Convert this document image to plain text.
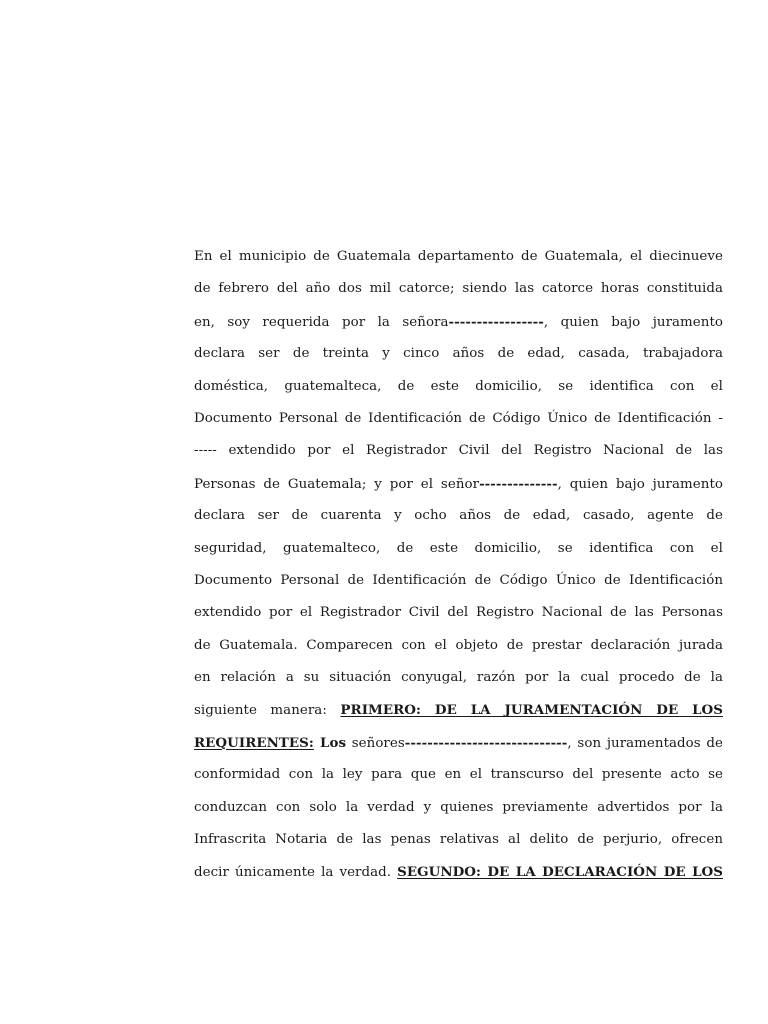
En el municipio de Guatemala departamento de Guatemala, el diecinueve
de febrero del año dos mil catorce; siendo las catorce horas constituida
en, soy requerida por la señora-----------------, quien bajo juramento
declara ser de treinta y cinco años de edad, casada, trabajadora
doméstica, guatemalteca, de este domicilio, se identifica con el
Documento Personal de Identificación de Código Único de Identificación -
----- extendido por el Registrador Civil del Registro Nacional de las
Personas de Guatemala; y por el señor--------------, quien bajo juramento
declara ser de cuarenta y ocho años de edad, casado, agente de
seguridad, guatemalteco, de este domicilio, se identifica con el
Documento Personal de Identificación de Código Único de Identificación
extendido por el Registrador Civil del Registro Nacional de las Personas
de Guatemala. Comparecen con el objeto de prestar declaración jurada
en relación a su situación conyugal, razón por la cual procedo de la
siguiente manera: PRIMERO: DE LA JURAMENTACIÓN DE LOS
REQUIRENTES: Los señores-----------------------------, son juramentados de
conformidad con la ley para que en el transcurso del presente acto se
conduzcan con solo la verdad y quienes previamente advertidos por la
Infrascrita Notaria de las penas relativas al delito de perjurio, ofrecen
decir únicamente la verdad. SEGUNDO: DE LA DECLARACIÓN DE LOS
